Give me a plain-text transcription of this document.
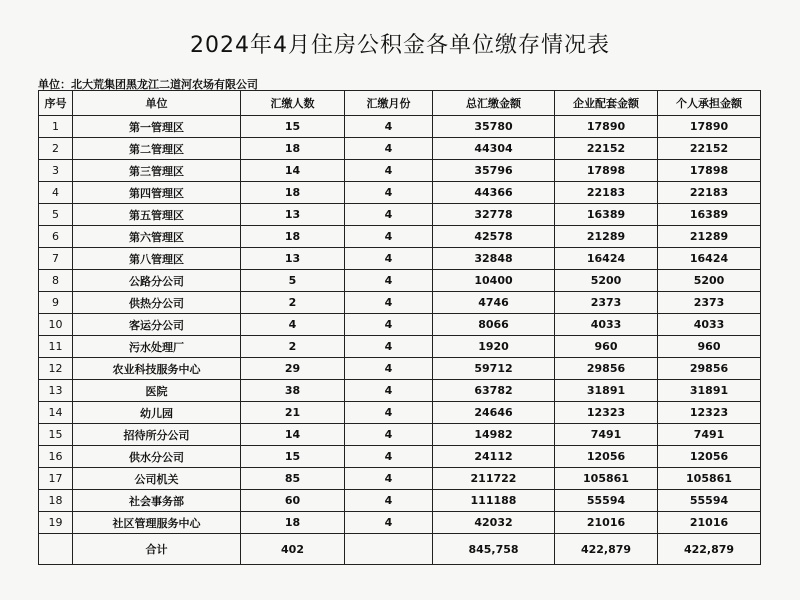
2024年4月住房公积金各单位缴存情况表
单位：北大荒集团黑龙江二道河农场有限公司
序号	单位	汇缴人数	汇缴月份	总汇缴金额	企业配套金额	个人承担金额
1	第一管理区	15	4	35780	17890	17890
2	第二管理区	18	4	44304	22152	22152
3	第三管理区	14	4	35796	17898	17898
4	第四管理区	18	4	44366	22183	22183
5	第五管理区	13	4	32778	16389	16389
6	第六管理区	18	4	42578	21289	21289
7	第八管理区	13	4	32848	16424	16424
8	公路分公司	5	4	10400	5200	5200
9	供热分公司	2	4	4746	2373	2373
10	客运分公司	4	4	8066	4033	4033
11	污水处理厂	2	4	1920	960	960
12	农业科技服务中心	29	4	59712	29856	29856
13	医院	38	4	63782	31891	31891
14	幼儿园	21	4	24646	12323	12323
15	招待所分公司	14	4	14982	7491	7491
16	供水分公司	15	4	24112	12056	12056
17	公司机关	85	4	211722	105861	105861
18	社会事务部	60	4	111188	55594	55594
19	社区管理服务中心	18	4	42032	21016	21016
	合计	402		845,758	422,879	422,879
